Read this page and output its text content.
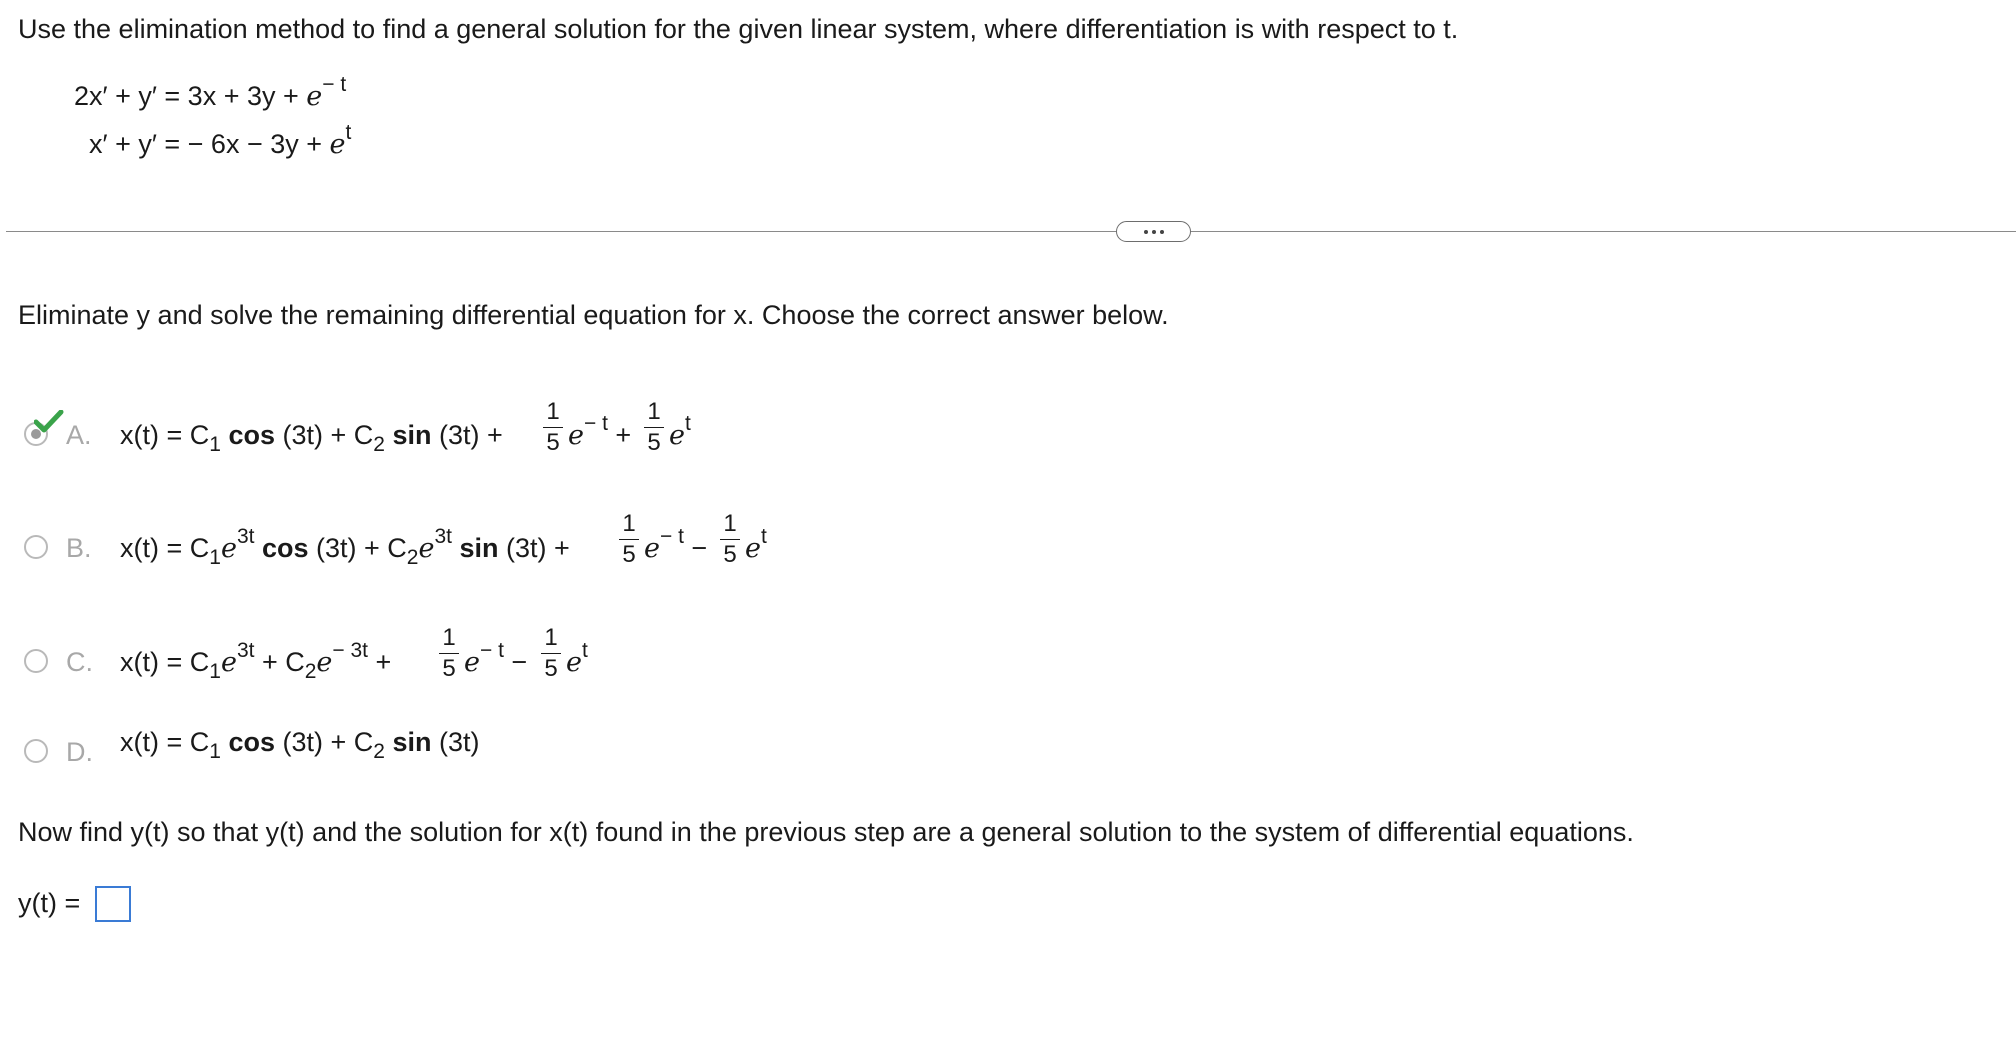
Use the elimination method to find a general solution for the given linear system, where differentiation is with respect to t.
$2x' + y' = 3x + 3y + e^{- t}$
x′ + y′ = − $6x - 3y + e^t$
Eliminate y and solve the remaining differential equation for x. Choose the correct answer below.
A. $x(t) = C_1$ $\cos (3t) + C_2$ sin (3t) +
1
5 $e^{- t}$ +
1
5 $e^t$
B. $x(t) = C_1e^{3t}$ $\cos (3t) + C_2e^{3t}$ sin (3t) +
1
5 $e^{- t}$ −
1
5 $e^t$
C. $x(t) = C_1e^{3t} + C_2e^{- 3t}$ +
1
5 $e^{- t}$ −
1
5 $e^t$
D. $x(t) = C_1$ $\cos (3t) + C_2$ sin (3t)
Now find y(t) so that y(t) and the solution for x(t) found in the previous step are a general solution to the system of differential equations.
y(t) =
